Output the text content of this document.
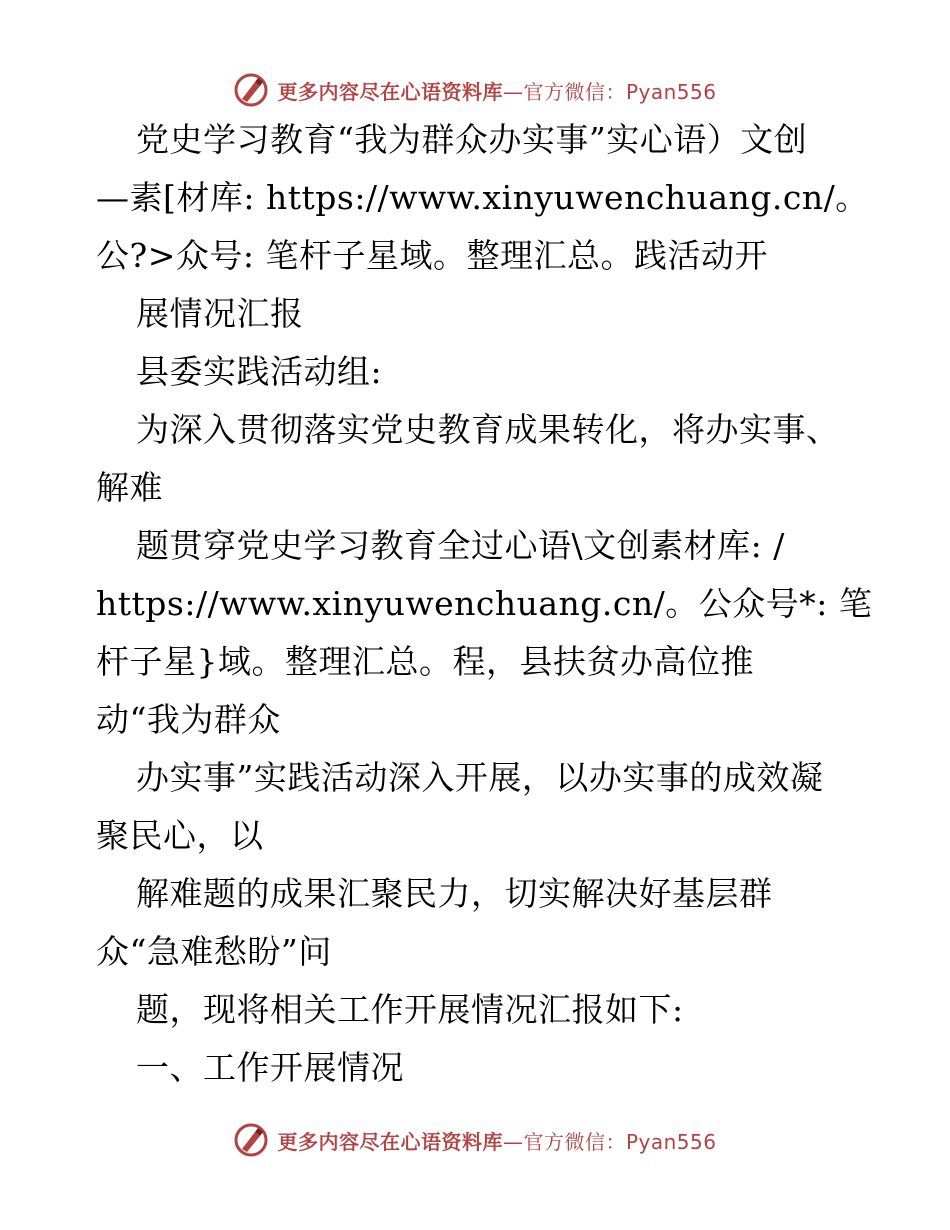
更多内容尽在心语资料库—官方微信：Pyan556
党史学习教育“我为群众办实事”实心语）文创
—素[材库: https://www.xinyuwenchuang.cn/。
公?>众号: 笔杆子星域。整理汇总。践活动开
展情况汇报
县委实践活动组:
为深入贯彻落实党史教育成果转化，将办实事、
解难
题贯穿党史学习教育全过心语\文创素材库: /
https://www.xinyuwenchuang.cn/。公众号*: 笔
杆子星}域。整理汇总。程，县扶贫办高位推
动“我为群众
办实事”实践活动深入开展，以办实事的成效凝
聚民心，以
解难题的成果汇聚民力，切实解决好基层群
众“急难愁盼”问
题，现将相关工作开展情况汇报如下:
一、工作开展情况
更多内容尽在心语资料库—官方微信：Pyan556
